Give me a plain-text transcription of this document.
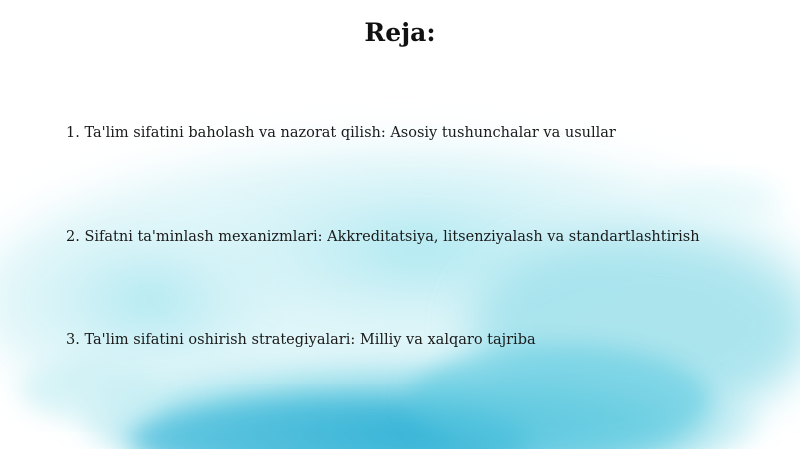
Reja:
1. Ta'lim sifatini baholash va nazorat qilish: Asosiy tushunchalar va usullar
2. Sifatni ta'minlash mexanizmlari: Akkreditatsiya, litsenziyalash va standartlashtirish
3. Ta'lim sifatini oshirish strategiyalari: Milliy va xalqaro tajriba
